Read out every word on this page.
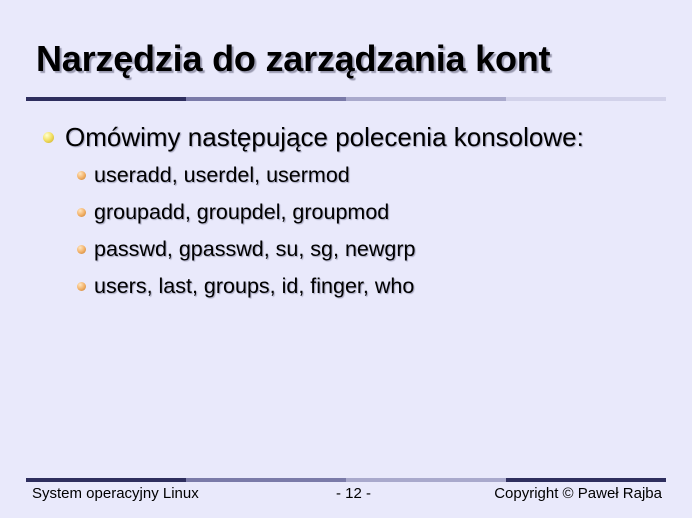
Narzędzia do zarządzania kont
Omówimy następujące polecenia konsolowe:
useradd, userdel, usermod
groupadd, groupdel, groupmod
passwd, gpasswd, su, sg, newgrp
users, last, groups, id, finger, who
System operacyjny Linux	- 12 -	Copyright © Paweł Rajba
